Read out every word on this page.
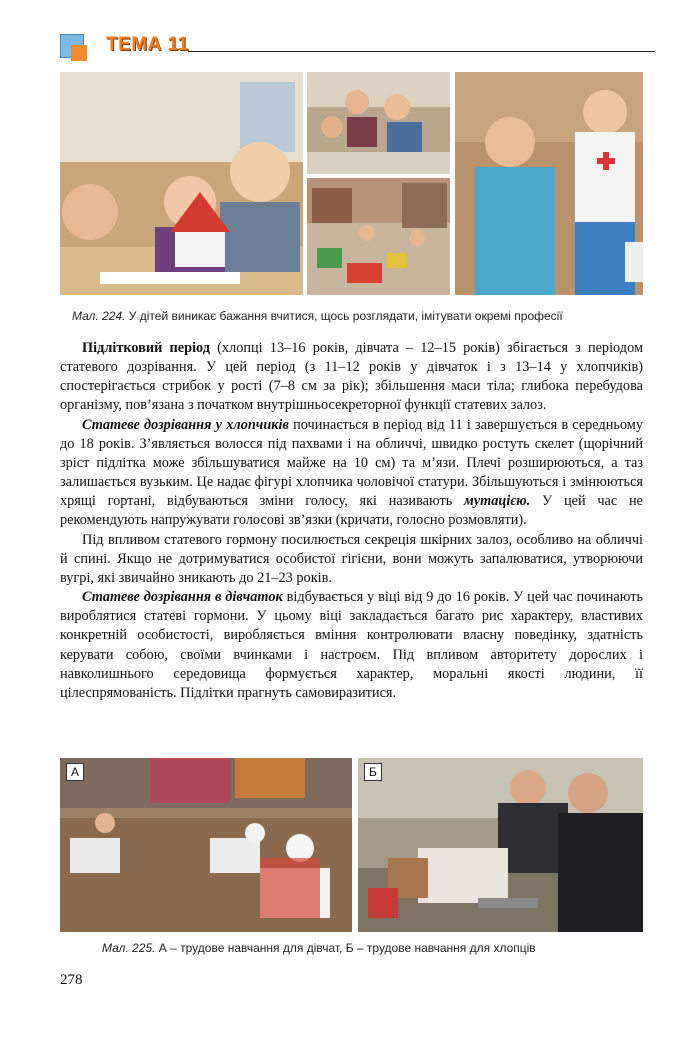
ТЕМА 11
Мал. 224. У дітей виникає бажання вчитися, щось розглядати, імітувати окремі професії

Підлітковий період (хлопці 13–16 років, дівчата – 12–15 років) збігається з періодом статевого дозрівання. У цей період (з 11–12 років у дівчаток і з 13–14 у хлопчиків) спостерігається стрибок у рості (7–8 см за рік); збільшення маси тіла; глибока перебудова організму, пов’язана з початком внутрішньосекреторної функції статевих залоз.

Статеве дозрівання у хлопчиків починається в період від 11 і завершується в середньому до 18 років. З’являється волосся під пахвами і на обличчі, швидко ростуть скелет (щорічний зріст підлітка може збільшуватися майже на 10 см) та м’язи. Плечі розширюються, а таз залишається вузьким. Це надає фігурі хлопчика чоловічої статури. Збільшуються і змінюються хрящі гортані, відбуваються зміни голосу, які називають мутацією. У цей час не рекомендують напружувати голосові зв’язки (кричати, голосно розмовляти).

Під впливом статевого гормону посилюється секреція шкірних залоз, особливо на обличчі й спині. Якщо не дотримуватися особистої гігієни, вони можуть запалюватися, утворюючи вугрі, які звичайно зникають до 21–23 років.

Статеве дозрівання в дівчаток відбувається у віці від 9 до 16 років. У цей час починають вироблятися статеві гормони. У цьому віці закладається багато рис характеру, властивих конкретній особистості, виробляється вміння контролювати власну поведінку, здатність керувати собою, своїми вчинками і настроєм. Під впливом авторитету дорослих і навколишнього середовища формується характер, моральні якості людини, її цілеспрямованість. Підлітки прагнуть самовиразитися.

А	Б
Мал. 225. А – трудове навчання для дівчат, Б – трудове навчання для хлопців
278
